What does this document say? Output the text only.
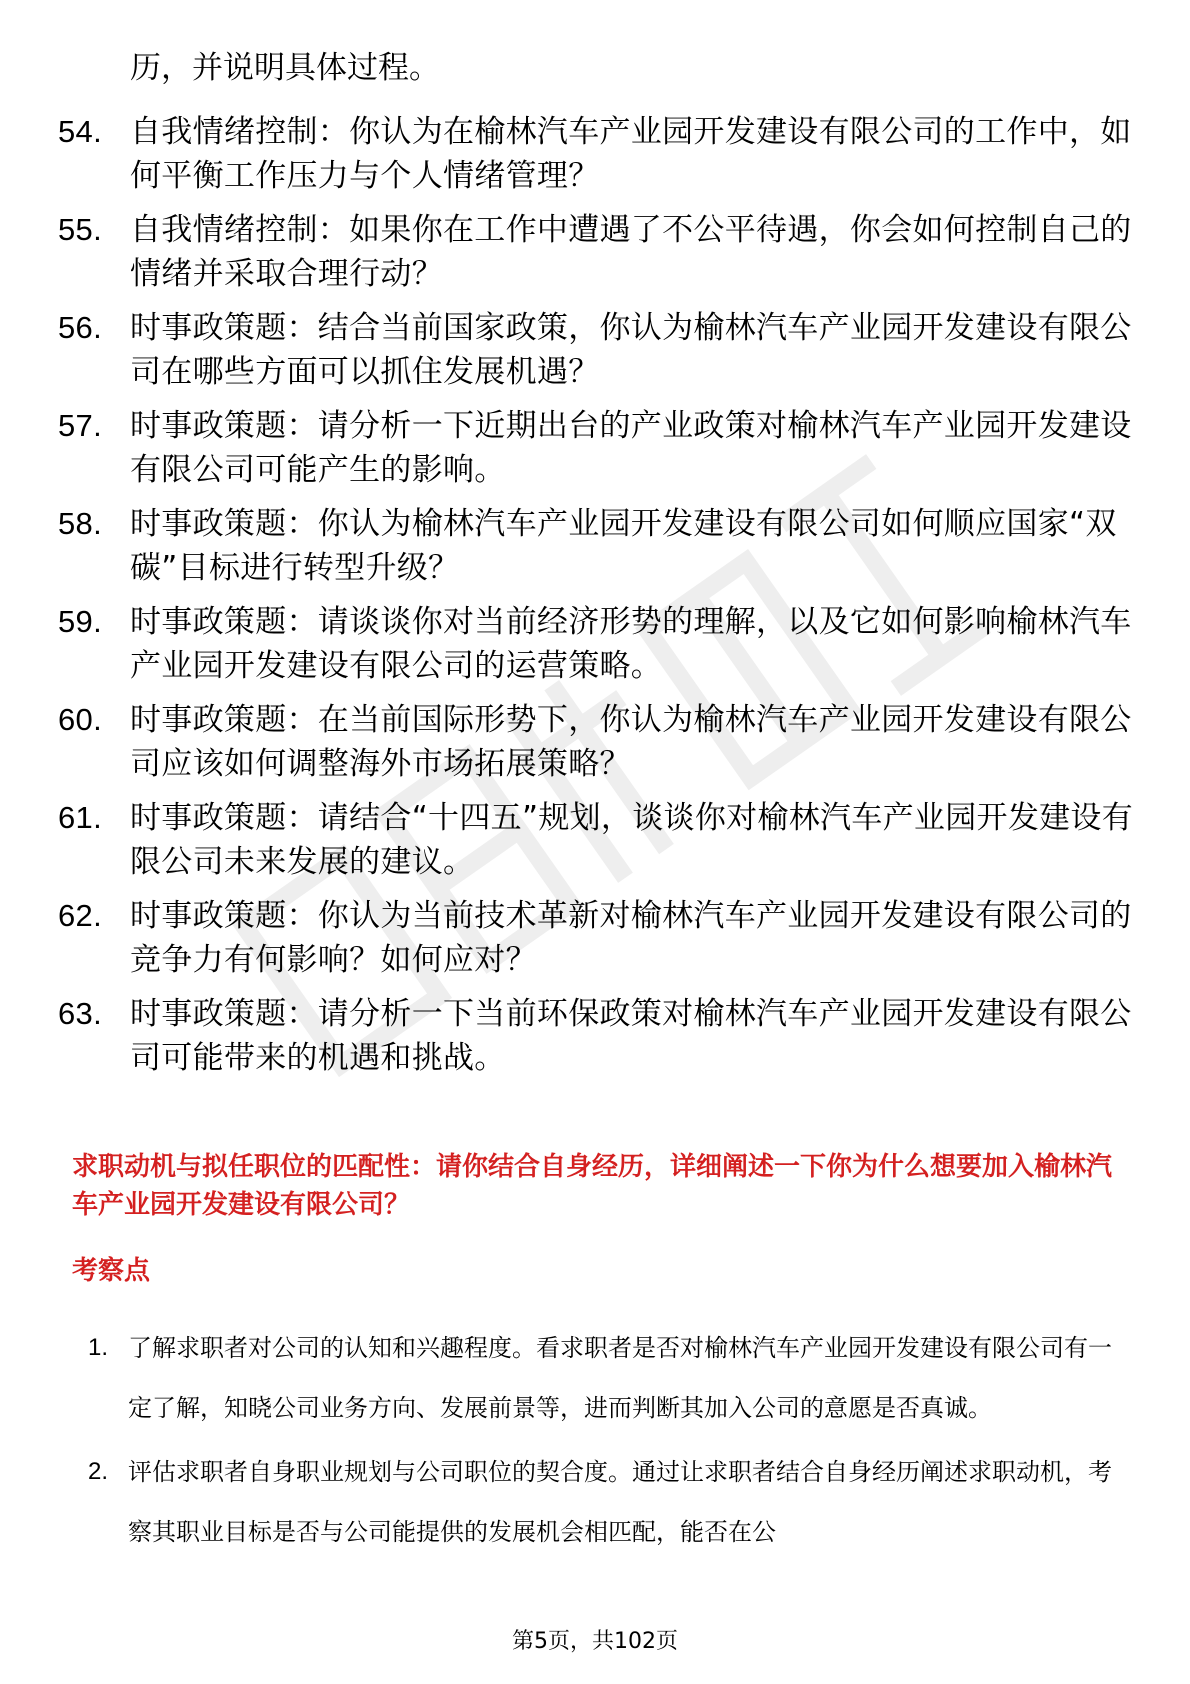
历，并说明具体过程。

54. 自我情绪控制：你认为在榆林汽车产业园开发建设有限公司的工作中，如何平衡工作压力与个人情绪管理？
55. 自我情绪控制：如果你在工作中遭遇了不公平待遇，你会如何控制自己的情绪并采取合理行动？
56. 时事政策题：结合当前国家政策，你认为榆林汽车产业园开发建设有限公司在哪些方面可以抓住发展机遇？
57. 时事政策题：请分析一下近期出台的产业政策对榆林汽车产业园开发建设有限公司可能产生的影响。
58. 时事政策题：你认为榆林汽车产业园开发建设有限公司如何顺应国家“双碳”目标进行转型升级？
59. 时事政策题：请谈谈你对当前经济形势的理解，以及它如何影响榆林汽车产业园开发建设有限公司的运营策略。
60. 时事政策题：在当前国际形势下，你认为榆林汽车产业园开发建设有限公司应该如何调整海外市场拓展策略？
61. 时事政策题：请结合“十四五”规划，谈谈你对榆林汽车产业园开发建设有限公司未来发展的建议。
62. 时事政策题：你认为当前技术革新对榆林汽车产业园开发建设有限公司的竞争力有何影响？如何应对？
63. 时事政策题：请分析一下当前环保政策对榆林汽车产业园开发建设有限公司可能带来的机遇和挑战。
求职动机与拟任职位的匹配性：请你结合自身经历，详细阐述一下你为什么想要加入榆林汽车产业园开发建设有限公司？
考察点
1. 了解求职者对公司的认知和兴趣程度。看求职者是否对榆林汽车产业园开发建设有限公司有一定了解，知晓公司业务方向、发展前景等，进而判断其加入公司的意愿是否真诚。
2. 评估求职者自身职业规划与公司职位的契合度。通过让求职者结合自身经历阐述求职动机，考察其职业目标是否与公司能提供的发展机会相匹配，能否在公
第5页，共102页
